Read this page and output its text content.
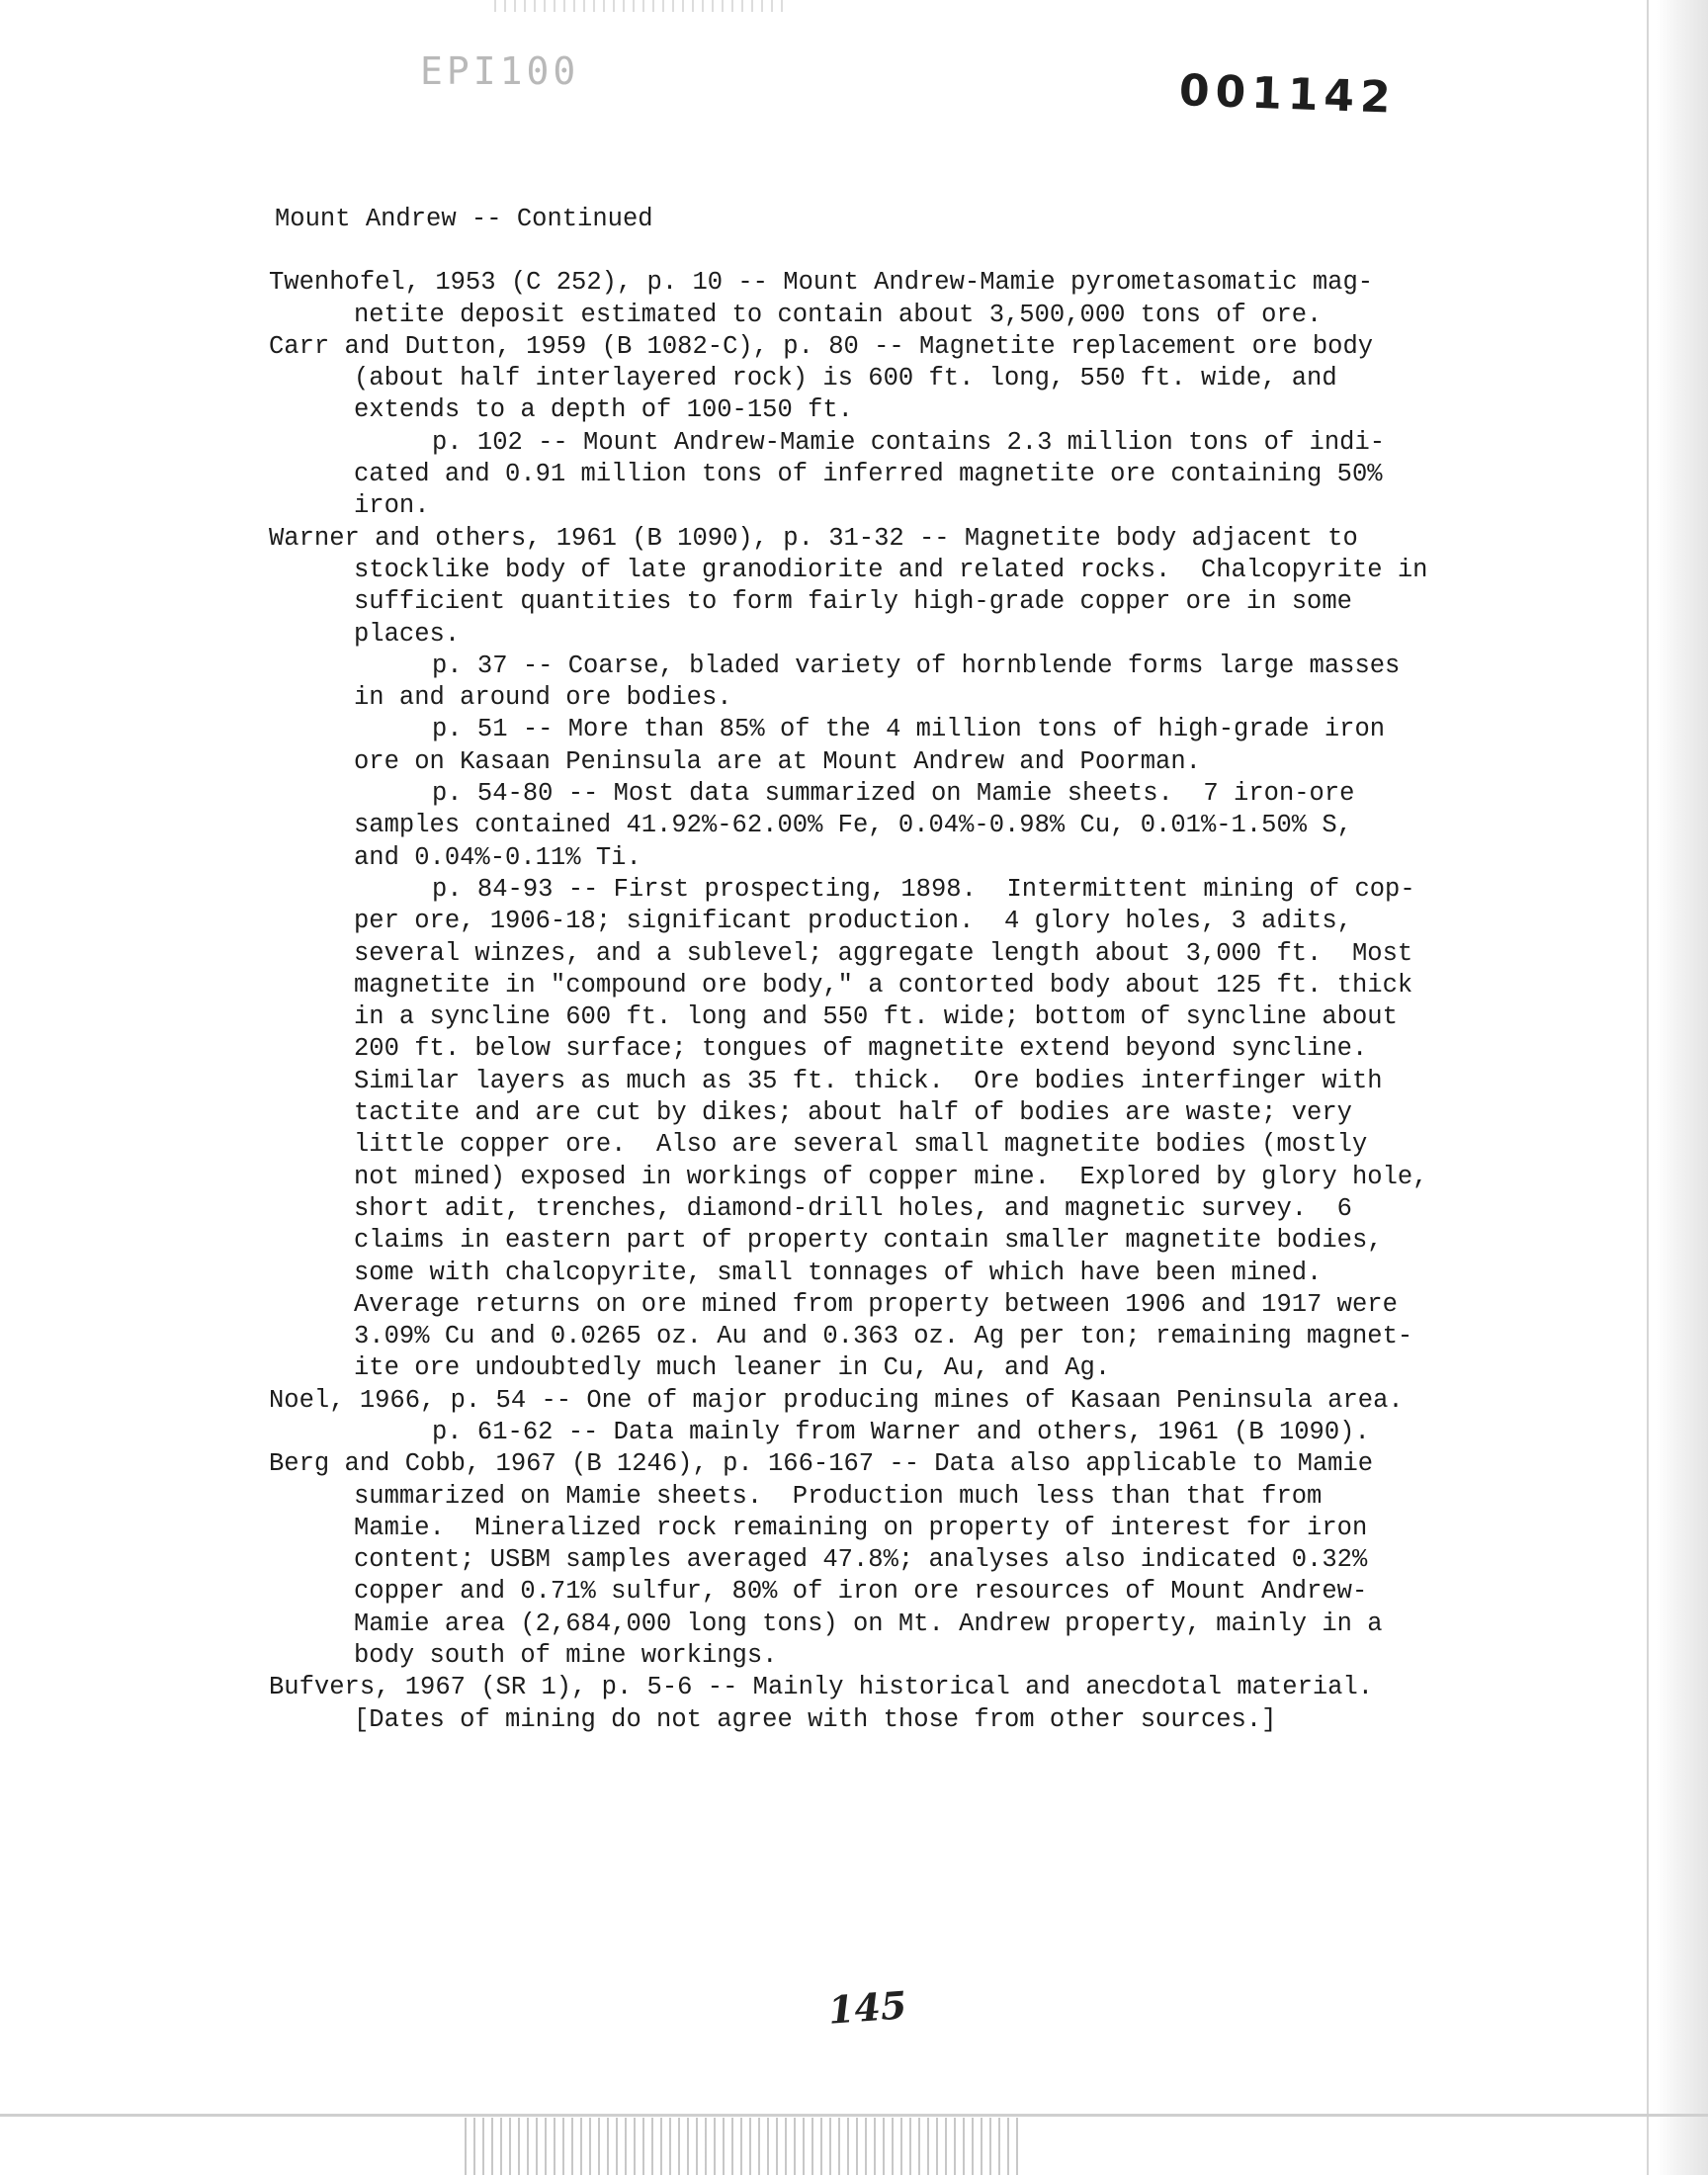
EPI100	001142
Mount Andrew -- Continued
Twenhofel, 1953 (C 252), p. 10 -- Mount Andrew-Mamie pyrometasomatic mag-
netite deposit estimated to contain about 3,500,000 tons of ore.
Carr and Dutton, 1959 (B 1082-C), p. 80 -- Magnetite replacement ore body
(about half interlayered rock) is 600 ft. long, 550 ft. wide, and
extends to a depth of 100-150 ft.
p. 102 -- Mount Andrew-Mamie contains 2.3 million tons of indi-
cated and 0.91 million tons of inferred magnetite ore containing 50%
iron.
Warner and others, 1961 (B 1090), p. 31-32 -- Magnetite body adjacent to
stocklike body of late granodiorite and related rocks.  Chalcopyrite in
sufficient quantities to form fairly high-grade copper ore in some
places.
p. 37 -- Coarse, bladed variety of hornblende forms large masses
in and around ore bodies.
p. 51 -- More than 85% of the 4 million tons of high-grade iron
ore on Kasaan Peninsula are at Mount Andrew and Poorman.
p. 54-80 -- Most data summarized on Mamie sheets.  7 iron-ore
samples contained 41.92%-62.00% Fe, 0.04%-0.98% Cu, 0.01%-1.50% S,
and 0.04%-0.11% Ti.
p. 84-93 -- First prospecting, 1898.  Intermittent mining of cop-
per ore, 1906-18; significant production.  4 glory holes, 3 adits,
several winzes, and a sublevel; aggregate length about 3,000 ft.  Most
magnetite in "compound ore body," a contorted body about 125 ft. thick
in a syncline 600 ft. long and 550 ft. wide; bottom of syncline about
200 ft. below surface; tongues of magnetite extend beyond syncline.
Similar layers as much as 35 ft. thick.  Ore bodies interfinger with
tactite and are cut by dikes; about half of bodies are waste; very
little copper ore.  Also are several small magnetite bodies (mostly
not mined) exposed in workings of copper mine.  Explored by glory hole,
short adit, trenches, diamond-drill holes, and magnetic survey.  6
claims in eastern part of property contain smaller magnetite bodies,
some with chalcopyrite, small tonnages of which have been mined.
Average returns on ore mined from property between 1906 and 1917 were
3.09% Cu and 0.0265 oz. Au and 0.363 oz. Ag per ton; remaining magnet-
ite ore undoubtedly much leaner in Cu, Au, and Ag.
Noel, 1966, p. 54 -- One of major producing mines of Kasaan Peninsula area.
p. 61-62 -- Data mainly from Warner and others, 1961 (B 1090).
Berg and Cobb, 1967 (B 1246), p. 166-167 -- Data also applicable to Mamie
summarized on Mamie sheets.  Production much less than that from
Mamie.  Mineralized rock remaining on property of interest for iron
content; USBM samples averaged 47.8%; analyses also indicated 0.32%
copper and 0.71% sulfur, 80% of iron ore resources of Mount Andrew-
Mamie area (2,684,000 long tons) on Mt. Andrew property, mainly in a
body south of mine workings.
Bufvers, 1967 (SR 1), p. 5-6 -- Mainly historical and anecdotal material.
[Dates of mining do not agree with those from other sources.]
145
